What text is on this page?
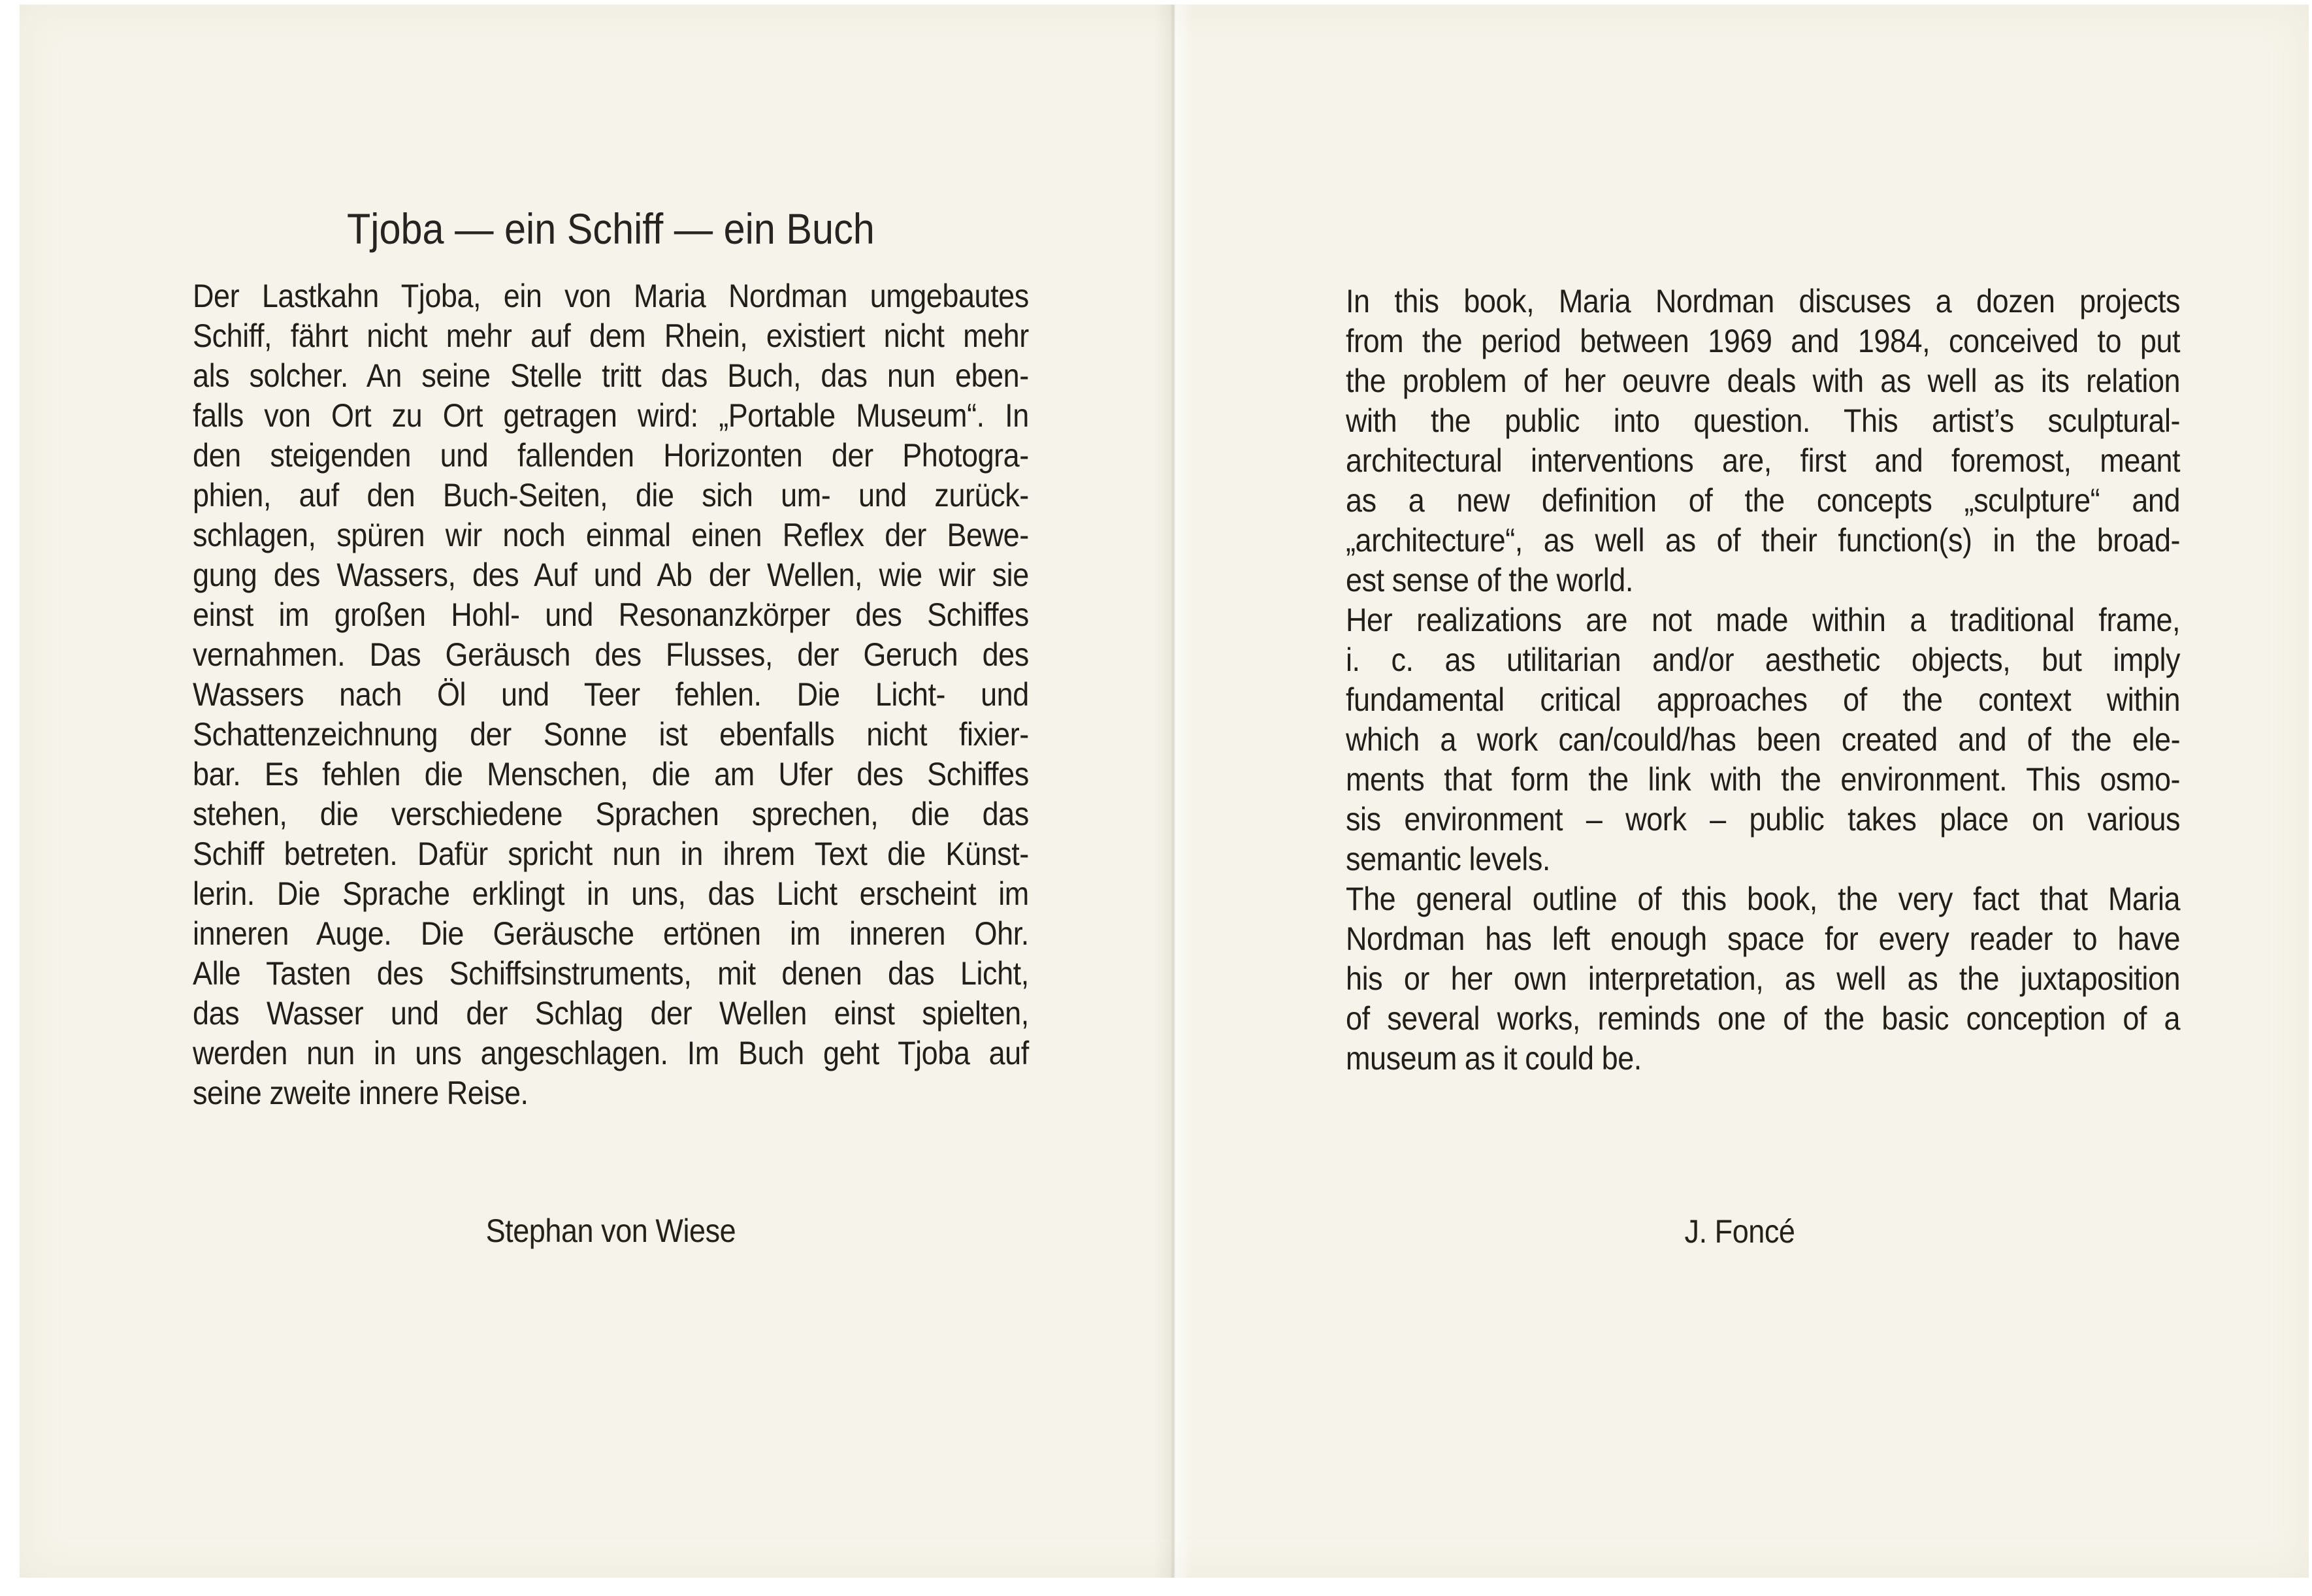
Tjoba — ein Schiff — ein Buch
Der Lastkahn Tjoba, ein von Maria Nordman umgebautes
Schiff, fährt nicht mehr auf dem Rhein, existiert nicht mehr
als solcher. An seine Stelle tritt das Buch, das nun eben-
falls von Ort zu Ort getragen wird: „Portable Museum“. In
den steigenden und fallenden Horizonten der Photogra-
phien, auf den Buch-Seiten, die sich um- und zurück-
schlagen, spüren wir noch einmal einen Reflex der Bewe-
gung des Wassers, des Auf und Ab der Wellen, wie wir sie
einst im großen Hohl- und Resonanzkörper des Schiffes
vernahmen. Das Geräusch des Flusses, der Geruch des
Wassers nach Öl und Teer fehlen. Die Licht- und
Schattenzeichnung der Sonne ist ebenfalls nicht fixier-
bar. Es fehlen die Menschen, die am Ufer des Schiffes
stehen, die verschiedene Sprachen sprechen, die das
Schiff betreten. Dafür spricht nun in ihrem Text die Künst-
lerin. Die Sprache erklingt in uns, das Licht erscheint im
inneren Auge. Die Geräusche ertönen im inneren Ohr.
Alle Tasten des Schiffsinstruments, mit denen das Licht,
das Wasser und der Schlag der Wellen einst spielten,
werden nun in uns angeschlagen. Im Buch geht Tjoba auf
seine zweite innere Reise.
Stephan von Wiese
In this book, Maria Nordman discuses a dozen projects
from the period between 1969 and 1984, conceived to put
the problem of her oeuvre deals with as well as its relation
with the public into question. This artist’s sculptural-
architectural interventions are, first and foremost, meant
as a new definition of the concepts „sculpture“ and
„architecture“, as well as of their function(s) in the broad-
est sense of the world.
Her realizations are not made within a traditional frame,
i. c. as utilitarian and/or aesthetic objects, but imply
fundamental critical approaches of the context within
which a work can/could/has been created and of the ele-
ments that form the link with the environment. This osmo-
sis environment – work – public takes place on various
semantic levels.
The general outline of this book, the very fact that Maria
Nordman has left enough space for every reader to have
his or her own interpretation, as well as the juxtaposition
of several works, reminds one of the basic conception of a
museum as it could be.
J. Foncé
